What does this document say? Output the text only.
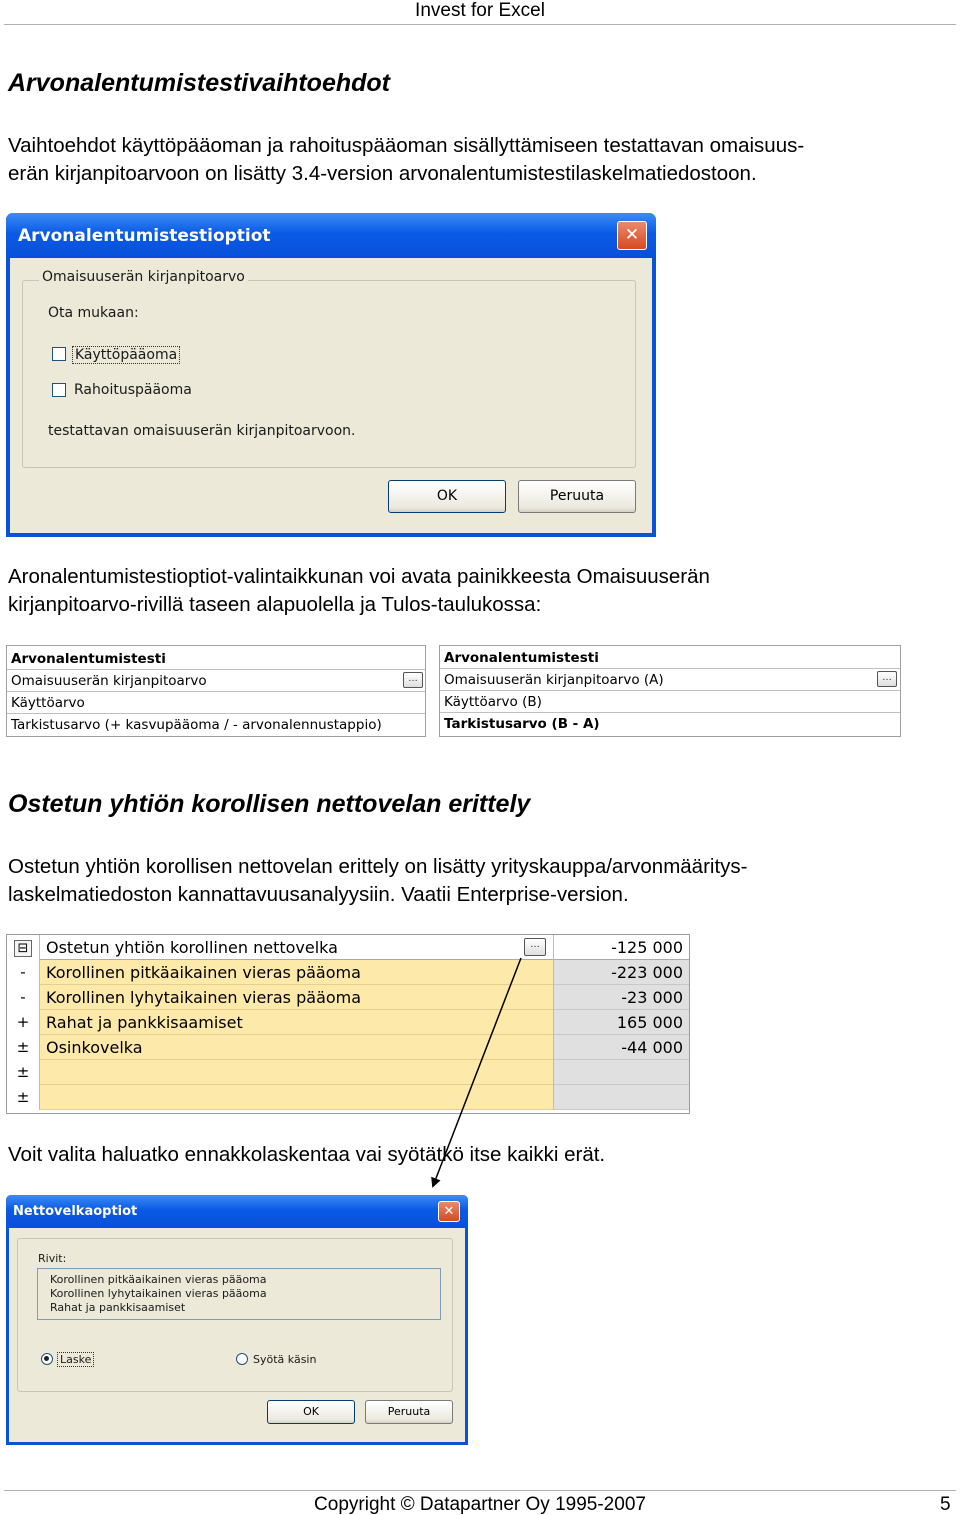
Invest for Excel
Arvonalentumistestivaihtoehdot
Vaihtoehdot käyttöpääoman ja rahoituspääoman sisällyttämiseen testattavan omaisuus-
erän kirjanpitoarvoon on lisätty 3.4-version arvonalentumistestilaskelmatiedostoon.
Arvonalentumistestioptiot	✕
Omaisuuserän kirjanpitoarvo
Ota mukaan:
Käyttöpääoma
Rahoituspääoma
testattavan omaisuuserän kirjanpitoarvoon.
OK	Peruuta
Aronalentumistestioptiot-valintaikkunan voi avata painikkeesta Omaisuuserän
kirjanpitoarvo-rivillä taseen alapuolella ja Tulos-taulukossa:
Arvonalentumistesti
Omaisuuserän kirjanpitoarvo	…
Käyttöarvo
Tarkistusarvo (+ kasvupääoma / - arvonalennustappio)
Arvonalentumistesti
Omaisuuserän kirjanpitoarvo (A)	…
Käyttöarvo (B)
Tarkistusarvo (B - A)
Ostetun yhtiön korollisen nettovelan erittely
Ostetun yhtiön korollisen nettovelan erittely on lisätty yrityskauppa/arvonmääritys-
laskelmatiedoston kannattavuusanalyysiin. Vaatii Enterprise-version.
⊟	Ostetun yhtiön korollinen nettovelka	…	-125 000
-	Korollinen pitkäaikainen vieras pääoma	-223 000
-	Korollinen lyhytaikainen vieras pääoma	-23 000
+	Rahat ja pankkisaamiset	165 000
±	Osinkovelka	-44 000
±
±
Voit valita haluatko ennakkolaskentaa vai syötätkö itse kaikki erät.
Nettovelkaoptiot	✕
Rivit:
Korollinen pitkäaikainen vieras pääoma
Korollinen lyhytaikainen vieras pääoma
Rahat ja pankkisaamiset
Laske	Syötä käsin
OK	Peruuta
Copyright © Datapartner Oy 1995-2007	5
